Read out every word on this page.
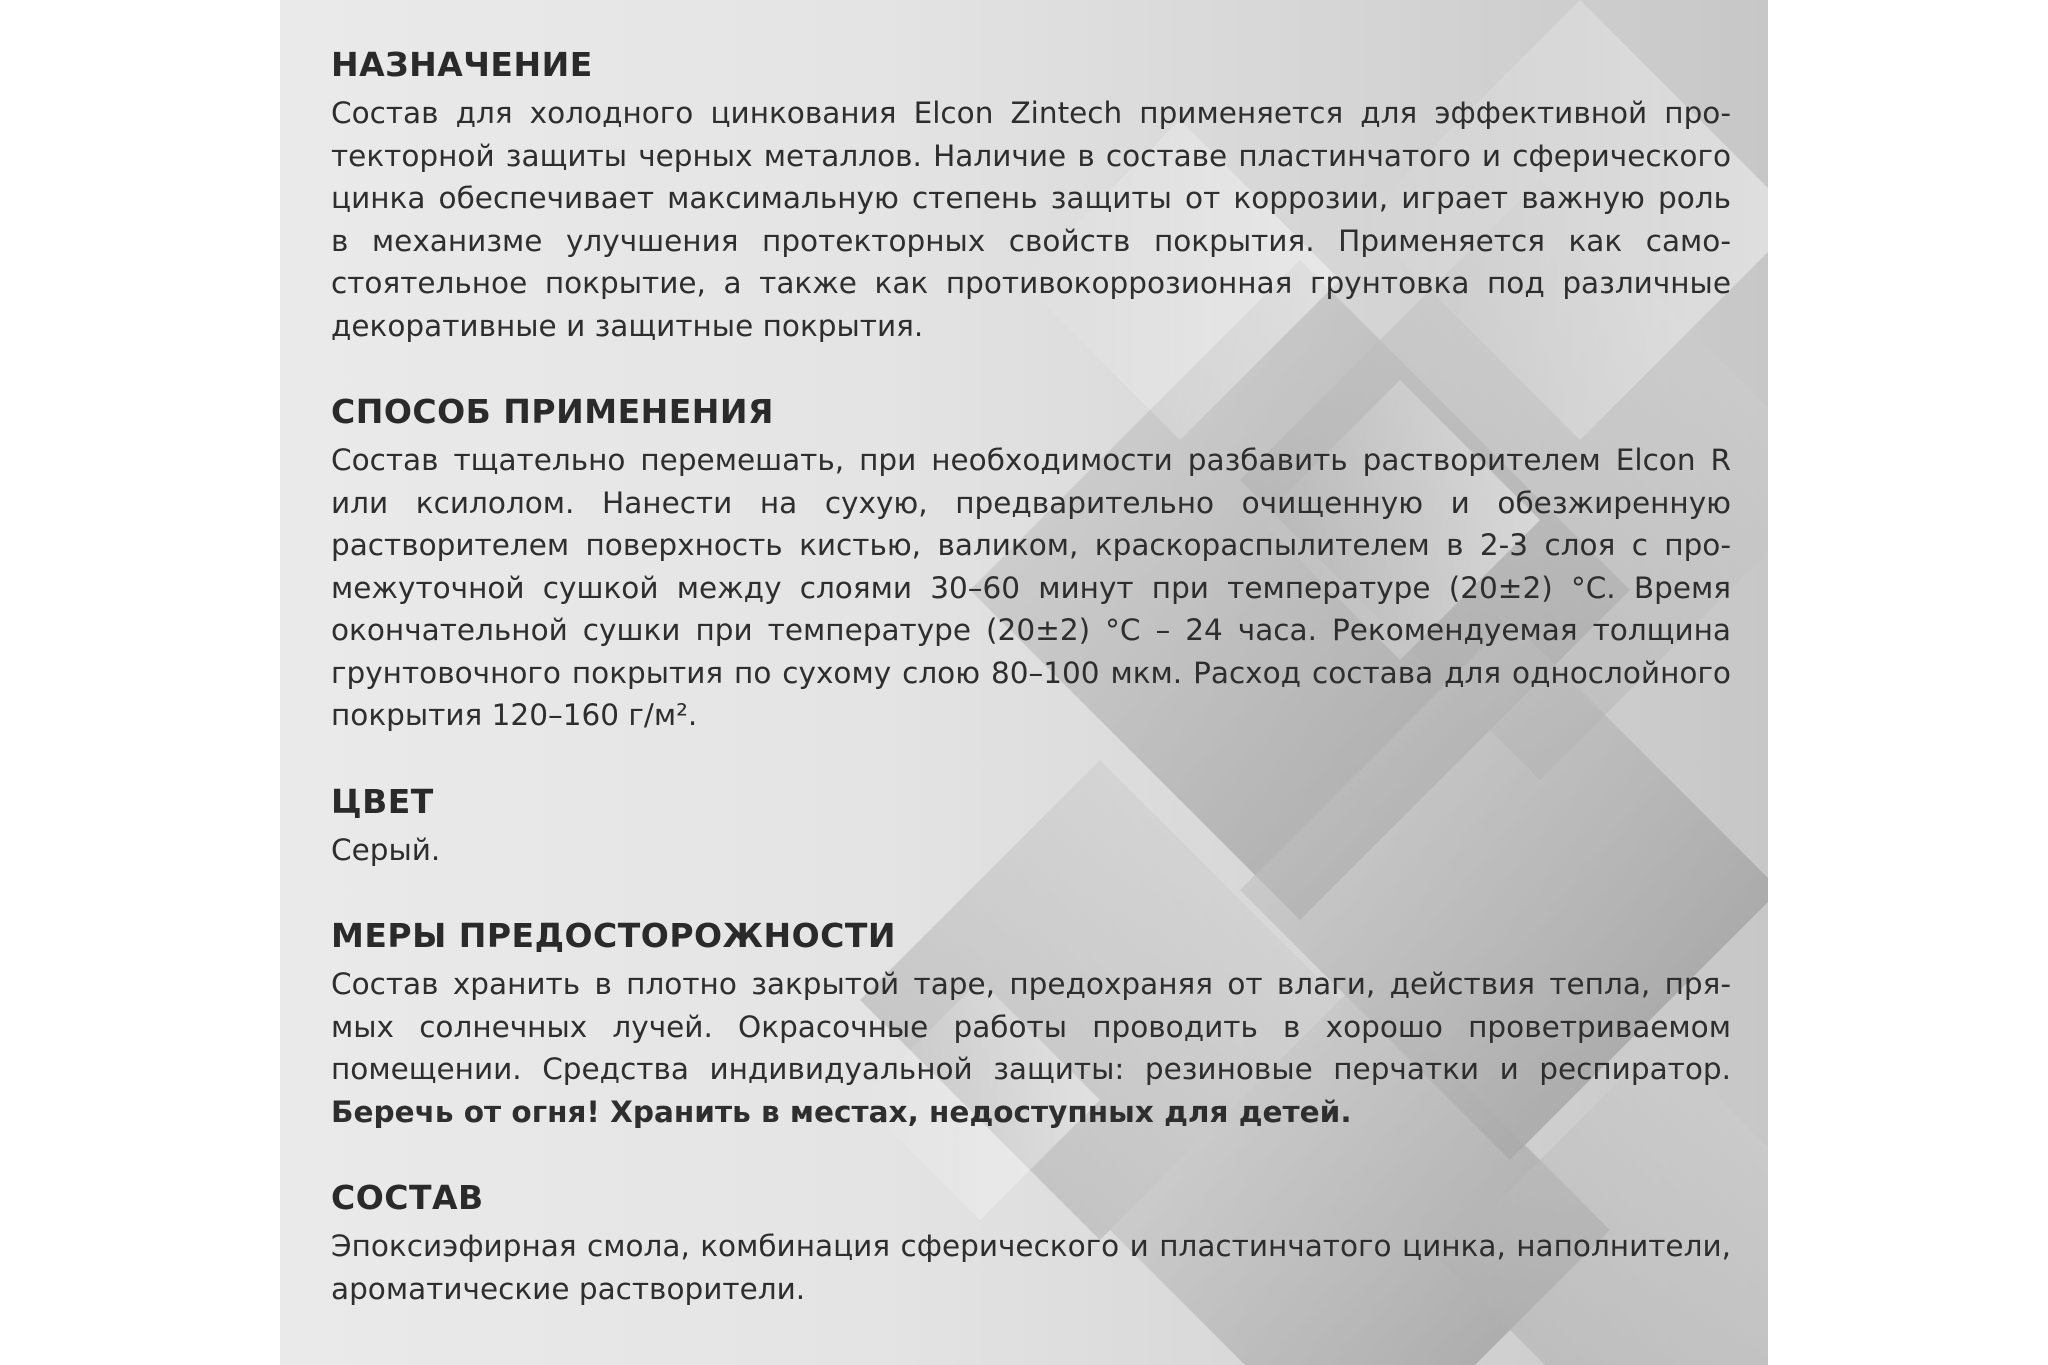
НАЗНАЧЕНИЕ
Состав для холодного цинкования Elcon Zintech применяется для эффективной про-
текторной защиты черных металлов. Наличие в составе пластинчатого и сферического
цинка обеспечивает максимальную степень защиты от коррозии, играет важную роль
в механизме улучшения протекторных свойств покрытия. Применяется как само-
стоятельное покрытие, а также как противокоррозионная грунтовка под различные
декоративные и защитные покрытия.
СПОСОБ ПРИМЕНЕНИЯ
Состав тщательно перемешать, при необходимости разбавить растворителем Elcon R
или ксилолом. Нанести на сухую, предварительно очищенную и обезжиренную
растворителем поверхность кистью, валиком, краскораспылителем в 2-3 слоя с про-
межуточной сушкой между слоями 30–60 минут при температуре (20±2) °С. Время
окончательной сушки при температуре (20±2) °С – 24 часа. Рекомендуемая толщина
грунтовочного покрытия по сухому слою 80–100 мкм. Расход состава для однослойного
покрытия 120–160 г/м².
ЦВЕТ
Серый.
МЕРЫ ПРЕДОСТОРОЖНОСТИ
Состав хранить в плотно закрытой таре, предохраняя от влаги, действия тепла, пря-
мых солнечных лучей. Окрасочные работы проводить в хорошо проветриваемом
помещении. Средства индивидуальной защиты: резиновые перчатки и респиратор.
Беречь от огня! Хранить в местах, недоступных для детей.
СОСТАВ
Эпоксиэфирная смола, комбинация сферического и пластинчатого цинка, наполнители,
ароматические растворители.
